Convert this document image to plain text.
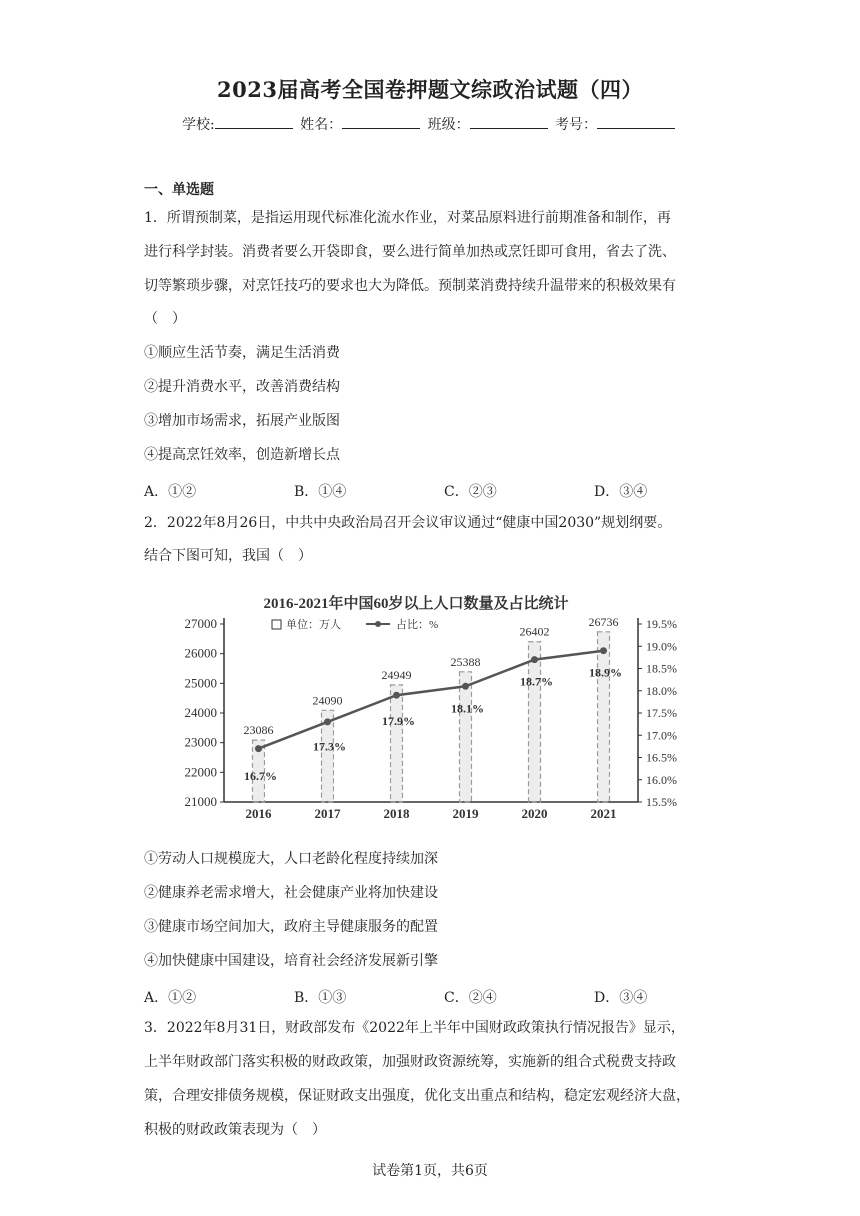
2023届高考全国卷押题文综政治试题（四）
学校:	姓名：	班级：	考号：
一、单选题
1．所谓预制菜，是指运用现代标准化流水作业，对菜品原料进行前期准备和制作，再
进行科学封装。消费者要么开袋即食，要么进行简单加热或烹饪即可食用，省去了洗、
切等繁琐步骤，对烹饪技巧的要求也大为降低。预制菜消费持续升温带来的积极效果有
（　）
①顺应生活节奏，满足生活消费
②提升消费水平，改善消费结构
③增加市场需求，拓展产业版图
④提高烹饪效率，创造新增长点
A．①②	B．①④	C．②③	D．③④
2．2022年8月26日，中共中央政治局召开会议审议通过“健康中国2030”规划纲要。
结合下图可知，我国（　）
2016-2021年中国60岁以上人口数量及占比统计
单位：万人	占比：%
27000
26000
25000
24000
23000
22000
21000
19.5%
19.0%
18.5%
18.0%
17.5%
17.0%
16.5%
16.0%
15.5%
23086
2016
24090
2017
24949
2018
25388
2019
26402
2020
26736
2021
16.7%
17.3%
17.9%
18.1%
18.7%
18.9%
①劳动人口规模庞大，人口老龄化程度持续加深
②健康养老需求增大，社会健康产业将加快建设
③健康市场空间加大，政府主导健康服务的配置
④加快健康中国建设，培育社会经济发展新引擎
A．①②	B．①③	C．②④	D．③④
3．2022年8月31日，财政部发布《2022年上半年中国财政政策执行情况报告》显示，
上半年财政部门落实积极的财政政策，加强财政资源统筹，实施新的组合式税费支持政
策，合理安排债务规模，保证财政支出强度，优化支出重点和结构，稳定宏观经济大盘，
积极的财政政策表现为（　）
试卷第1页，共6页
